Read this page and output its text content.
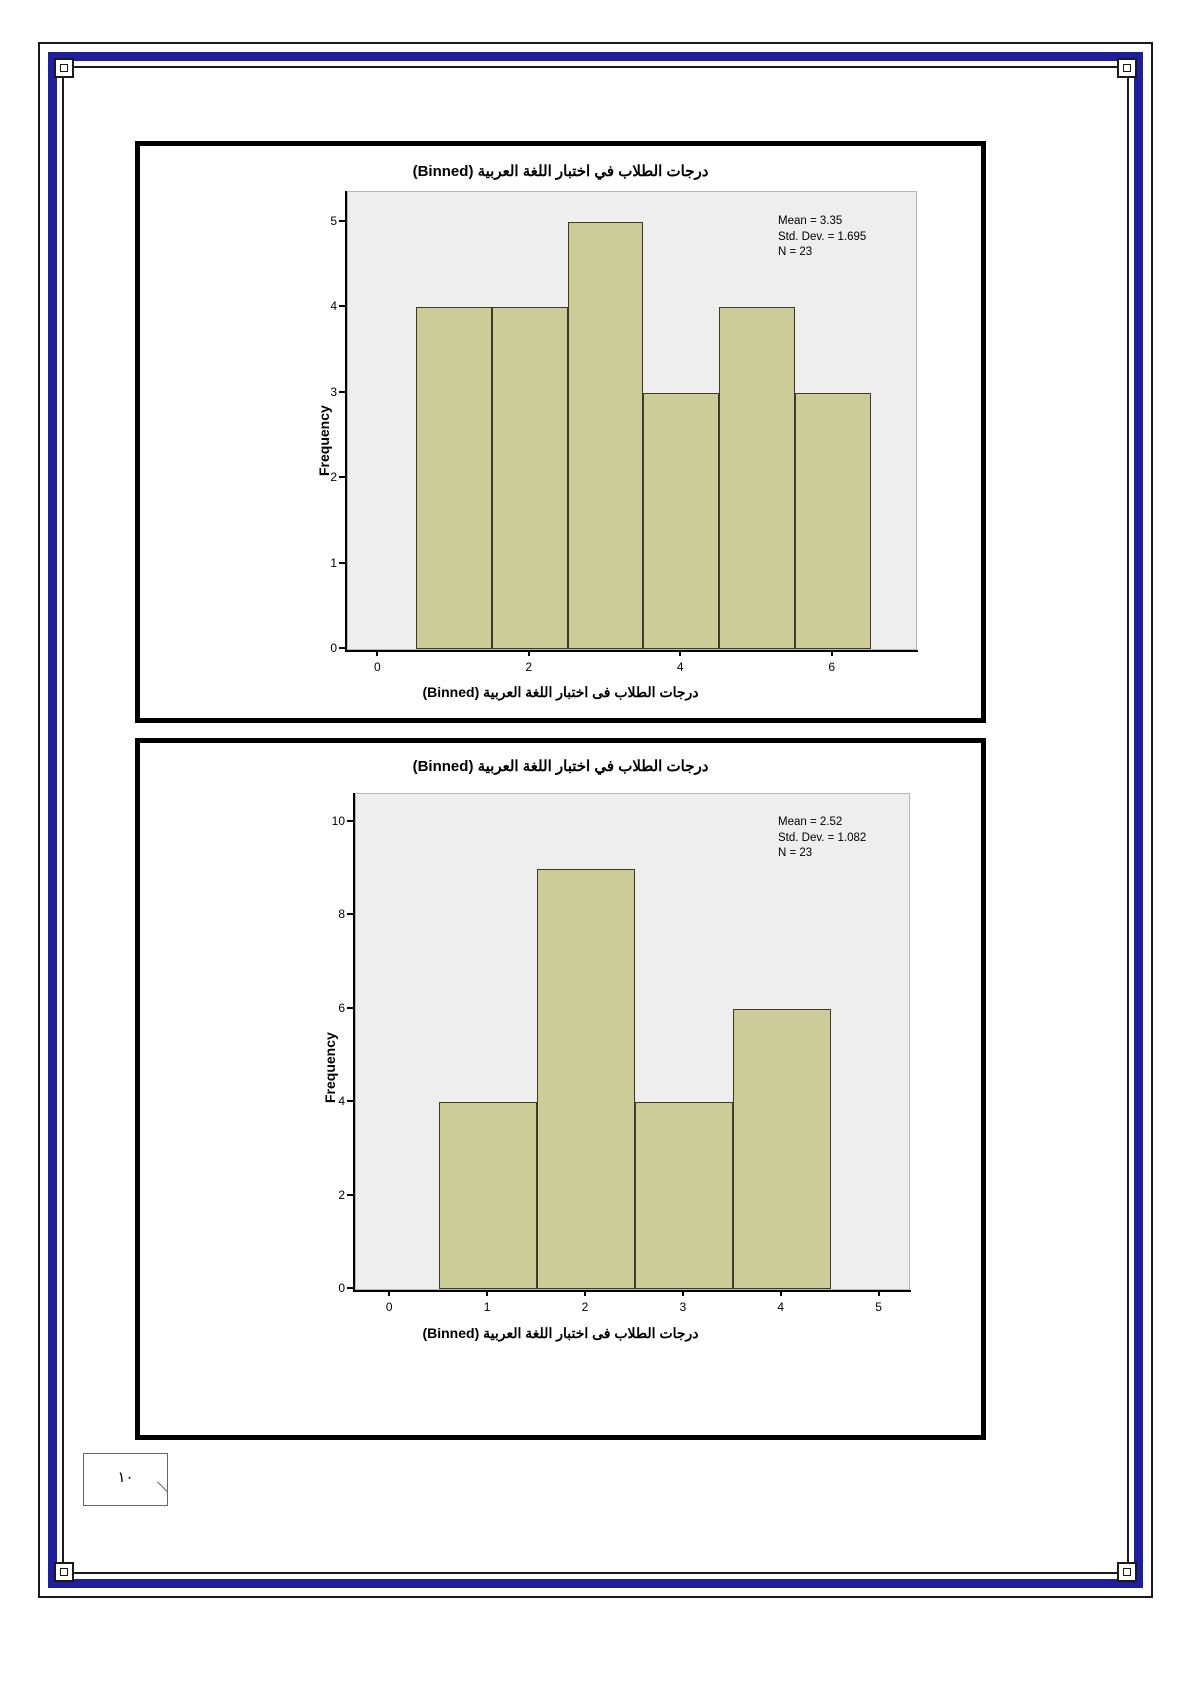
درجات الطلاب في اختبار اللغة العربية (Binned)
0
1
2
3
4
5
0	2	4	6
Frequency
درجات الطلاب فى اختبار اللغة العربية (Binned)
Mean = 3.35
Std. Dev. = 1.695
N = 23
درجات الطلاب في اختبار اللغة العربية (Binned)
0
2
4
6
8
10
0	1	2	3	4	5
Frequency
درجات الطلاب فى اختبار اللغة العربية (Binned)
Mean = 2.52
Std. Dev. = 1.082
N = 23
١٠
